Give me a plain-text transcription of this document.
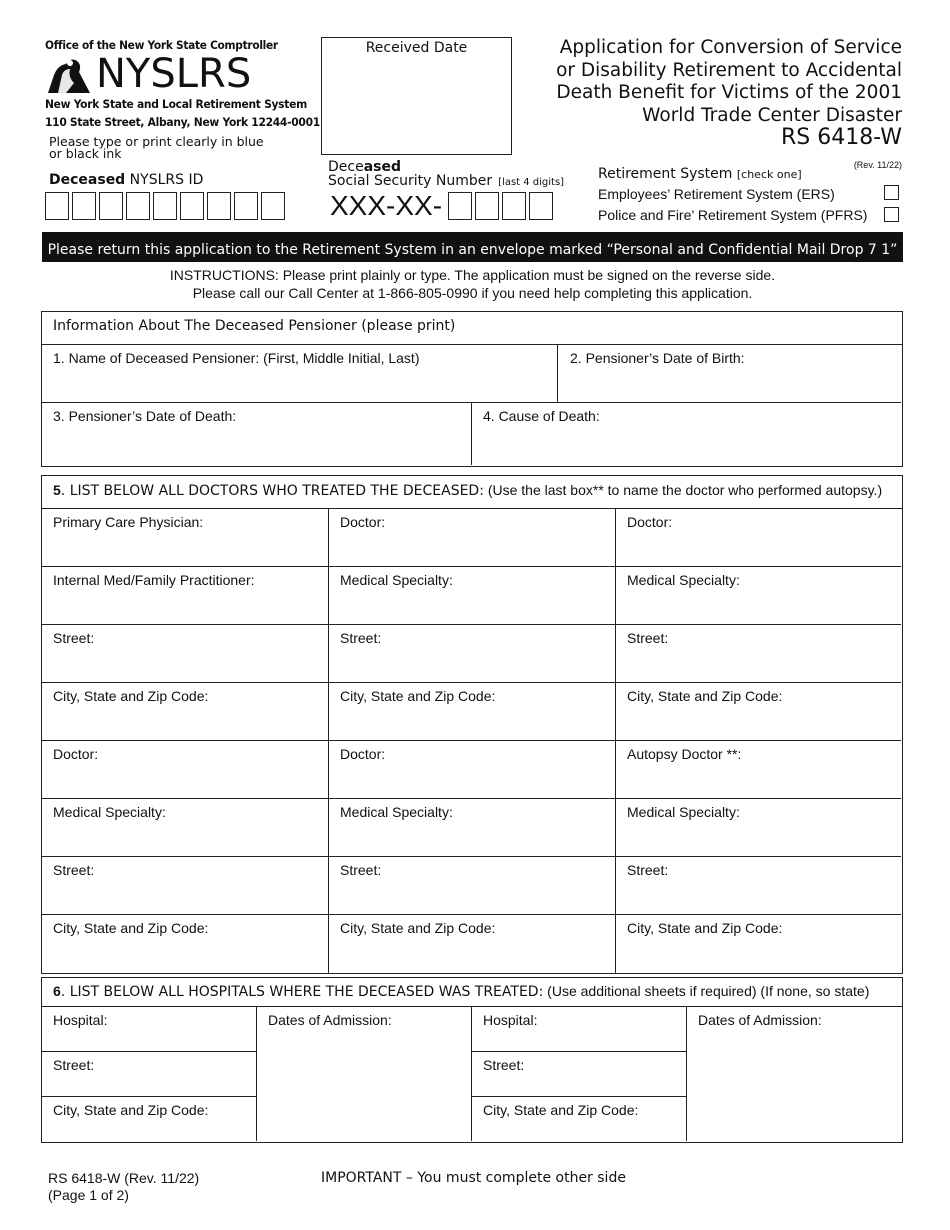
Office of the New York State Comptroller
NYSLRS
New York State and Local Retirement System
110 State Street, Albany, New York 12244-0001
Please type or print clearly in blue or black ink
Received Date	Application for Conversion of Service or Disability Retirement to Accidental Death Benefit for Victims of the 2001 World Trade Center Disaster
RS 6418-W
(Rev. 11/22)
Deceased NYSLRS ID
Deceased
Social Security Number [last 4 digits]
XXX-XX-
Retirement System [check one]
Employees’ Retirement System (ERS)
Police and Fire’ Retirement System (PFRS)
Please return this application to the Retirement System in an envelope marked “Personal and Confidential Mail Drop 7 1”
INSTRUCTIONS: Please print plainly or type. The application must be signed on the reverse side.
Please call our Call Center at 1-866-805-0990 if you need help completing this application.
Information About The Deceased Pensioner (please print)
1. Name of Deceased Pensioner: (First, Middle Initial, Last)	2. Pensioner’s Date of Birth:
3. Pensioner’s Date of Death:	4. Cause of Death:
5. LIST BELOW ALL DOCTORS WHO TREATED THE DECEASED: (Use the last box** to name the doctor who performed autopsy.)
Primary Care Physician:	Doctor:	Doctor:
Internal Med/Family Practitioner:	Medical Specialty:	Medical Specialty:
Street:	Street:	Street:
City, State and Zip Code:	City, State and Zip Code:	City, State and Zip Code:
Doctor:	Doctor:	Autopsy Doctor **:
Medical Specialty:	Medical Specialty:	Medical Specialty:
Street:	Street:	Street:
City, State and Zip Code:	City, State and Zip Code:	City, State and Zip Code:
6. LIST BELOW ALL HOSPITALS WHERE THE DECEASED WAS TREATED: (Use additional sheets if required) (If none, so state)
Hospital:
Street:
City, State and Zip Code:
Dates of Admission:	Hospital:
Street:
City, State and Zip Code:
Dates of Admission:
RS 6418-W (Rev. 11/22)
(Page 1 of 2)
IMPORTANT – You must complete other side
